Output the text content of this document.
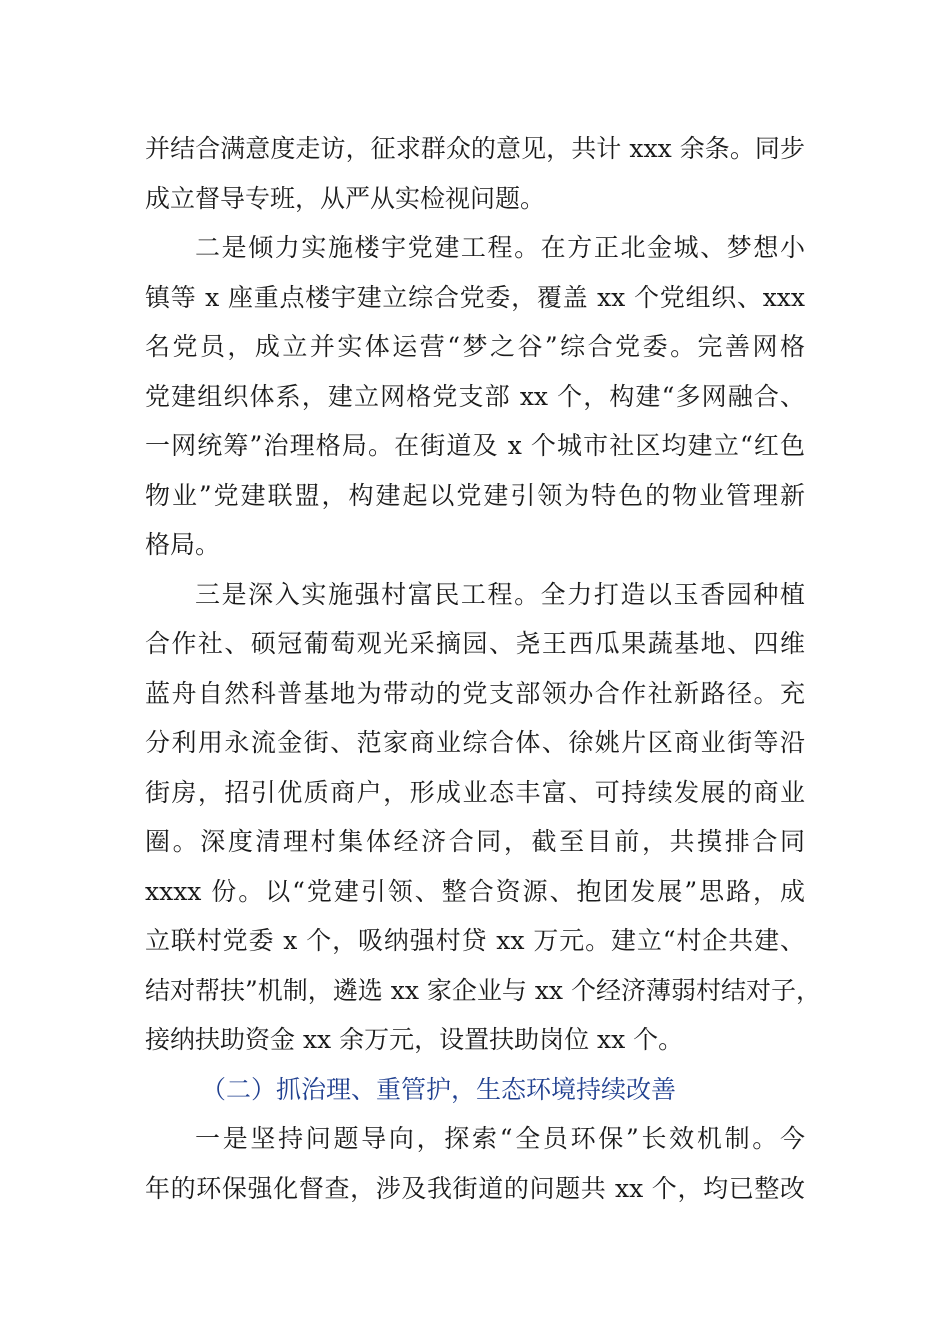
并结合满意度走访，征求群众的意见，共计 xxx 余条。同步
成立督导专班，从严从实检视问题。
二是倾力实施楼宇党建工程。在方正北金城、梦想小
镇等 x 座重点楼宇建立综合党委，覆盖 xx 个党组织、xxx
名党员，成立并实体运营“梦之谷”综合党委。完善网格
党建组织体系，建立网格党支部 xx 个，构建“多网融合、
一网统筹”治理格局。在街道及 x 个城市社区均建立“红色
物业”党建联盟，构建起以党建引领为特色的物业管理新
格局。
三是深入实施强村富民工程。全力打造以玉香园种植
合作社、硕冠葡萄观光采摘园、尧王西瓜果蔬基地、四维
蓝舟自然科普基地为带动的党支部领办合作社新路径。充
分利用永流金街、范家商业综合体、徐姚片区商业街等沿
街房，招引优质商户，形成业态丰富、可持续发展的商业
圈。深度清理村集体经济合同，截至目前，共摸排合同
xxxx 份。以“党建引领、整合资源、抱团发展”思路，成
立联村党委 x 个，吸纳强村贷 xx 万元。建立“村企共建、
结对帮扶”机制，遴选 xx 家企业与 xx 个经济薄弱村结对子，
接纳扶助资金 xx 余万元，设置扶助岗位 xx 个。
（二）抓治理、重管护，生态环境持续改善
一是坚持问题导向，探索“全员环保”长效机制。今
年的环保强化督查，涉及我街道的问题共 xx 个，均已整改
